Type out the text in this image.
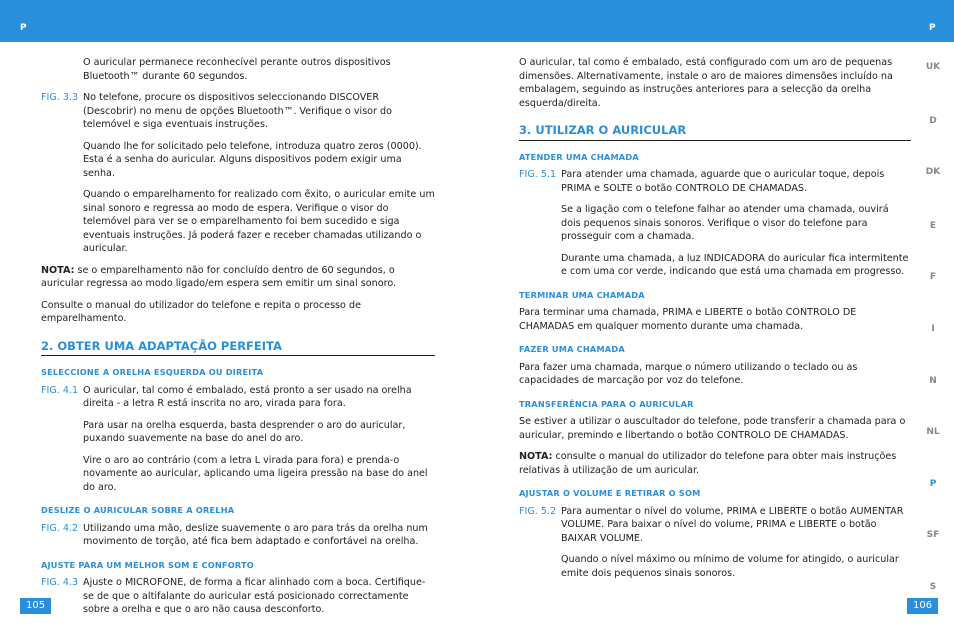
P	P

O auricular permanece reconhecível perante outros dispositivos Bluetooth™ durante 60 segundos.

FIG. 3.3 No telefone, procure os dispositivos seleccionando DISCOVER (Descobrir) no menu de opções Bluetooth™. Verifique o visor do telemóvel e siga eventuais instruções.

Quando lhe for solicitado pelo telefone, introduza quatro zeros (0000). Esta é a senha do auricular. Alguns dispositivos podem exigir uma senha.

Quando o emparelhamento for realizado com êxito, o auricular emite um sinal sonoro e regressa ao modo de espera. Verifique o visor do telemóvel para ver se o emparelhamento foi bem sucedido e siga eventuais instruções. Já poderá fazer e receber chamadas utilizando o auricular.

NOTA: se o emparelhamento não for concluído dentro de 60 segundos, o auricular regressa ao modo ligado/em espera sem emitir um sinal sonoro.

Consulte o manual do utilizador do telefone e repita o processo de emparelhamento.

2. OBTER UMA ADAPTAÇÃO PERFEITA
SELECCIONE A ORELHA ESQUERDA OU DIREITA
FIG. 4.1 O auricular, tal como é embalado, está pronto a ser usado na orelha direita - a letra R está inscrita no aro, virada para fora.

Para usar na orelha esquerda, basta desprender o aro do auricular, puxando suavemente na base do anel do aro.

Vire o aro ao contrário (com a letra L virada para fora) e prenda-o novamente ao auricular, aplicando uma ligeira pressão na base do anel do aro.

DESLIZE O AURICULAR SOBRE A ORELHA
FIG. 4.2 Utilizando uma mão, deslize suavemente o aro para trás da orelha num movimento de torção, até fica bem adaptado e confortável na orelha.
AJUSTE PARA UM MELHOR SOM E CONFORTO
FIG. 4.3 Ajuste o MICROFONE, de forma a ficar alinhado com a boca. Certifique-se de que o altifalante do auricular está posicionado correctamente sobre a orelha e que o aro não causa desconforto.
105

O auricular, tal como é embalado, está configurado com um aro de pequenas dimensões. Alternativamente, instale o aro de maiores dimensões incluído na embalagem, seguindo as instruções anteriores para a selecção da orelha esquerda/direita.

3. UTILIZAR O AURICULAR
ATENDER UMA CHAMADA
FIG. 5.1 Para atender uma chamada, aguarde que o auricular toque, depois PRIMA e SOLTE o botão CONTROLO DE CHAMADAS.

Se a ligação com o telefone falhar ao atender uma chamada, ouvirá dois pequenos sinais sonoros. Verifique o visor do telefone para prosseguir com a chamada.

Durante uma chamada, a luz INDICADORA do auricular fica intermitente e com uma cor verde, indicando que está uma chamada em progresso.

TERMINAR UMA CHAMADA

Para terminar uma chamada, PRIMA e LIBERTE o botão CONTROLO DE CHAMADAS em qualquer momento durante uma chamada.

FAZER UMA CHAMADA

Para fazer uma chamada, marque o número utilizando o teclado ou as capacidades de marcação por voz do telefone.

TRANSFERÊNCIA PARA O AURICULAR

Se estiver a utilizar o auscultador do telefone, pode transferir a chamada para o auricular, premindo e libertando o botão CONTROLO DE CHAMADAS.

NOTA: consulte o manual do utilizador do telefone para obter mais instruções relativas à utilização de um auricular.

AJUSTAR O VOLUME E RETIRAR O SOM
FIG. 5.2 Para aumentar o nível do volume, PRIMA e LIBERTE o botão AUMENTAR VOLUME. Para baixar o nível do volume, PRIMA e LIBERTE o botão BAIXAR VOLUME.

Quando o nível máximo ou mínimo de volume for atingido, o auricular emite dois pequenos sinais sonoros.

106
UK
D
DK
E
F
I
N
NL
P
SF
S
